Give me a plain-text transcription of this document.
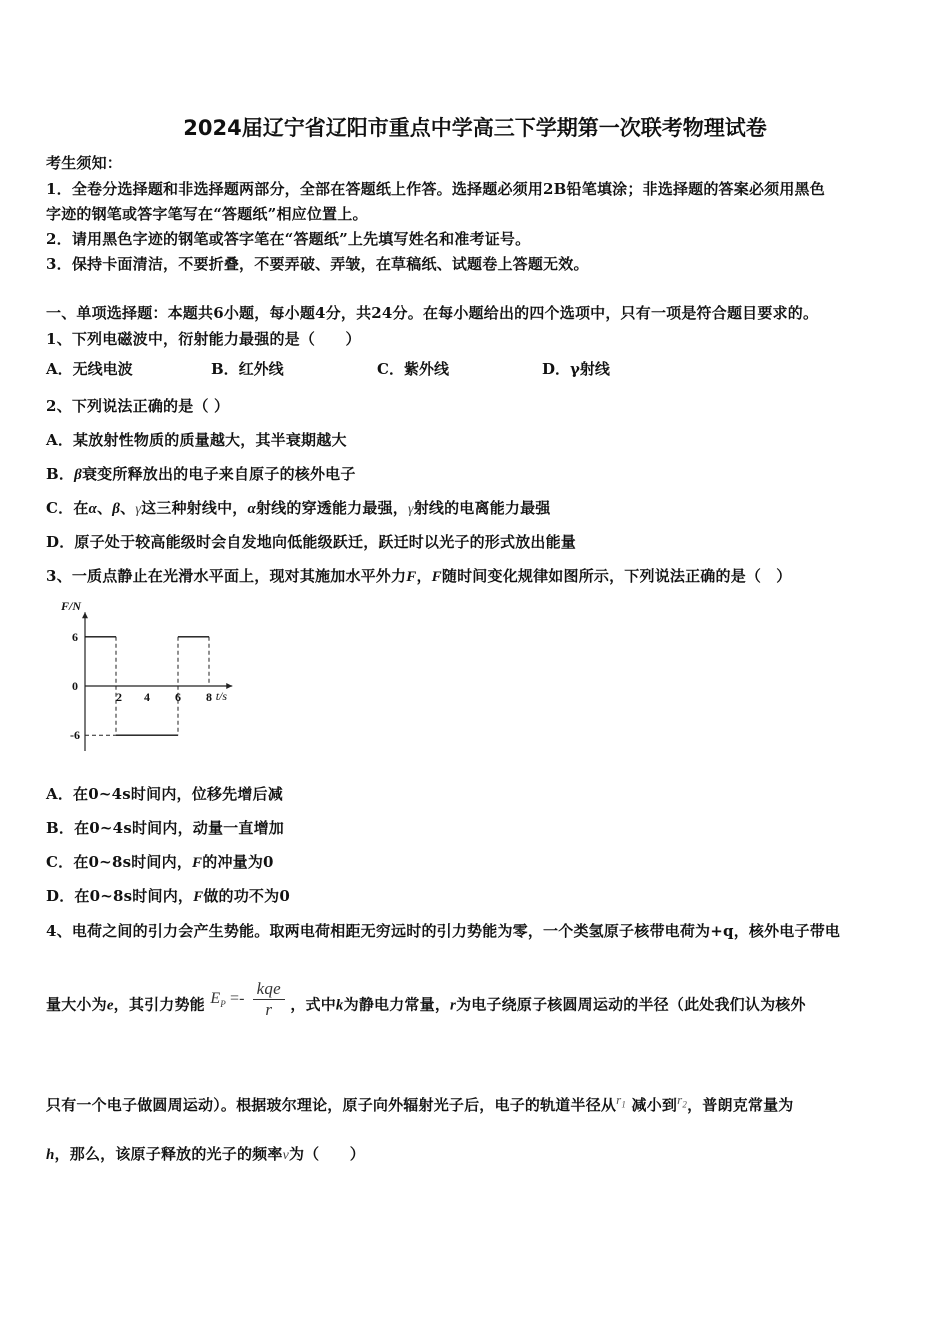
2024届辽宁省辽阳市重点中学高三下学期第一次联考物理试卷
考生须知：
1．全卷分选择题和非选择题两部分，全部在答题纸上作答。选择题必须用2B铅笔填涂；非选择题的答案必须用黑色
字迹的钢笔或答字笔写在“答题纸”相应位置上。
2．请用黑色字迹的钢笔或答字笔在“答题纸”上先填写姓名和准考证号。
3．保持卡面清洁，不要折叠，不要弄破、弄皱，在草稿纸、试题卷上答题无效。
一、单项选择题：本题共6小题，每小题4分，共24分。在每小题给出的四个选项中，只有一项是符合题目要求的。
1、下列电磁波中，衍射能力最强的是（　　）
A．无线电波	B．红外线	C．紫外线	D．γ射线
2、下列说法正确的是（ ）
A．某放射性物质的质量越大，其半衰期越大
B．β衰变所释放出的电子来自原子的核外电子
C．在α、β、γ这三种射线中，α射线的穿透能力最强，γ射线的电离能力最强
D．原子处于较高能级时会自发地向低能级跃迁，跃迁时以光子的形式放出能量
3、一质点静止在光滑水平面上，现对其施加水平外力F，F随时间变化规律如图所示，下列说法正确的是（　）
2 4 6 8
6
0
-6
F/N
t/s
A．在0~4s时间内，位移先增后减
B．在0~4s时间内，动量一直增加
C．在0~8s时间内，F的冲量为0
D．在0~8s时间内，F做的功不为0
4、电荷之间的引力会产生势能。取两电荷相距无穷远时的引力势能为零，一个类氢原子核带电荷为+q，核外电子带电
量大小为e，其引力势能 $E_P =- \frac{\text{kqe}}{r}$ ，式中k为静电力常量，r为电子绕原子核圆周运动的半径（此处我们认为核外
只有一个电子做圆周运动）。根据玻尔理论，原子向外辐射光子后，电子的轨道半径从$r_1$ 减小到$r_2$，普朗克常量为
h，那么，该原子释放的光子的频率ν为（　　）
